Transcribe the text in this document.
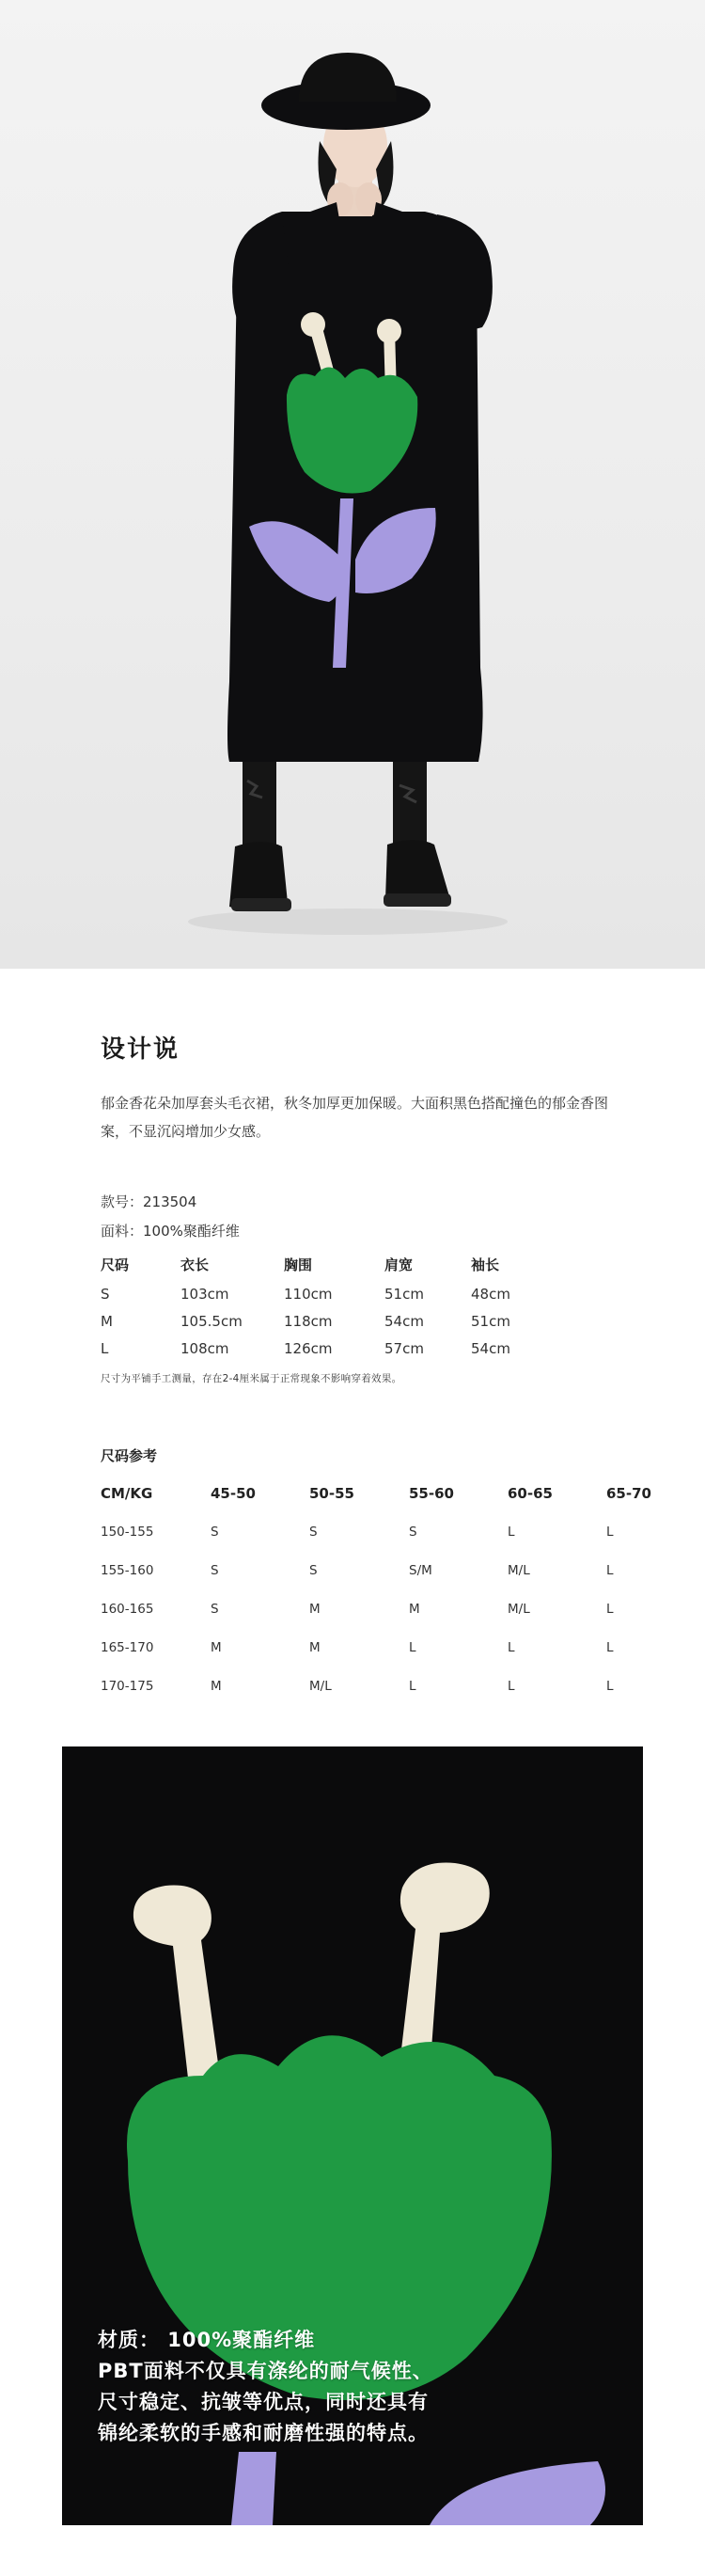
设计说

郁金香花朵加厚套头毛衣裙，秋冬加厚更加保暖。大面积黑色搭配撞色的郁金香图案，不显沉闷增加少女感。

款号：213504
面料：100%聚酯纤维
尺码	衣长	胸围	肩宽	袖长
S	103cm	110cm	51cm	48cm
M	105.5cm	118cm	54cm	51cm
L	108cm	126cm	57cm	54cm
尺寸为平铺手工测量，存在2-4厘米属于正常现象不影响穿着效果。
尺码参考
CM/KG	45-50	50-55	55-60	60-65	65-70
150-155	S	S	S	L	L
155-160	S	S	S/M	M/L	L
160-165	S	M	M	M/L	L
165-170	M	M	L	L	L
170-175	M	M/L	L	L	L
材质： 100%聚酯纤维
PBT面料不仅具有涤纶的耐气候性、
尺寸稳定、抗皱等优点，同时还具有
锦纶柔软的手感和耐磨性强的特点。
